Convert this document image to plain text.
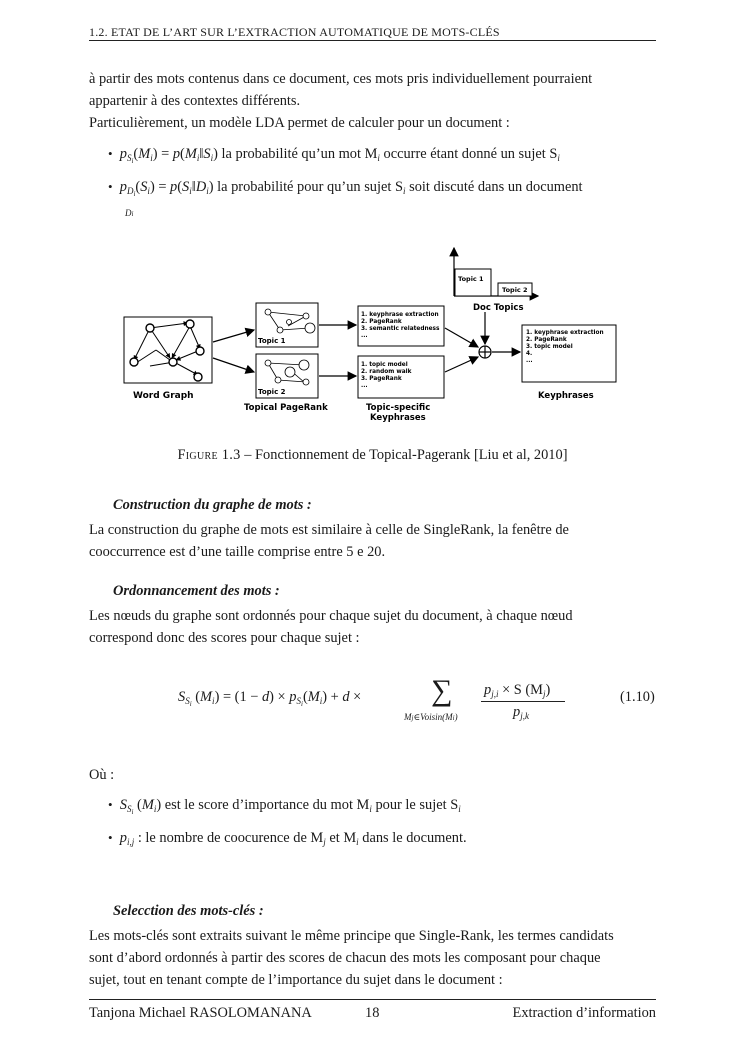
1.2. ETAT DE L’ART SUR L’EXTRACTION AUTOMATIQUE DE MOTS-CLÉS
à partir des mots contenus dans ce document, ces mots pris individuellement pourraient
appartenir à des contextes différents.
Particulièrement, un modèle LDA permet de calculer pour un document :
• $p_{S_i}(M_i)$ = $p(M_i‖S_i)$ la probabilité qu’un mot $M_i$ occurre étant donné un sujet $S_i$
• $p_{D_i}(S_i)$ = $p(S_i‖D_i)$ la probabilité pour qu’un sujet $S_i$ soit discuté dans un document
Di
Word Graph
Topic 1
Topic 2
Topical PageRank
1. keyphrase extraction
2. PageRank
3. semantic relatedness
...
1. topic model
2. random walk
3. PageRank
...
Topic-specific
Keyphrases
Topic 1
Topic 2
Doc Topics
1. keyphrase extraction
2. PageRank
3. topic model
4.
...
Keyphrases
Figure 1.3 – Fonctionnement de Topical-Pagerank [Liu et al, 2010]
Construction du graphe de mots :
La construction du graphe de mots est similaire à celle de SingleRank, la fenêtre de
cooccurrence est d’une taille comprise entre 5 e 20.
Ordonnancement des mots :
Les nœuds du graphe sont ordonnés pour chaque sujet du document, à chaque nœud
correspond donc des scores pour chaque sujet :
$S_{S_i}$ $(M_i) = (1 - d) \times p_{S_i}(M_i) + d$ × ∑
Mj∈Voisin(Mi)
$p_{j,i} \times S$ $(M_j)$
$p_{j,k}$
(1.10)
Où :
• $S_{S_i}$ $(M_i)$ est le score d’importance du mot $M_i$ pour le sujet $S_i$
• $p_{i,j}$ : le nombre de coocurence de $M_j$ et $M_i$ dans le document.
Selecction des mots-clés :
Les mots-clés sont extraits suivant le même principe que Single-Rank, les termes candidats
sont d’abord ordonnés à partir des scores de chacun des mots les composant pour chaque
sujet, tout en tenant compte de l’importance du sujet dans le document :
Tanjona Michael RASOLOMANANA	18	Extraction d’information
